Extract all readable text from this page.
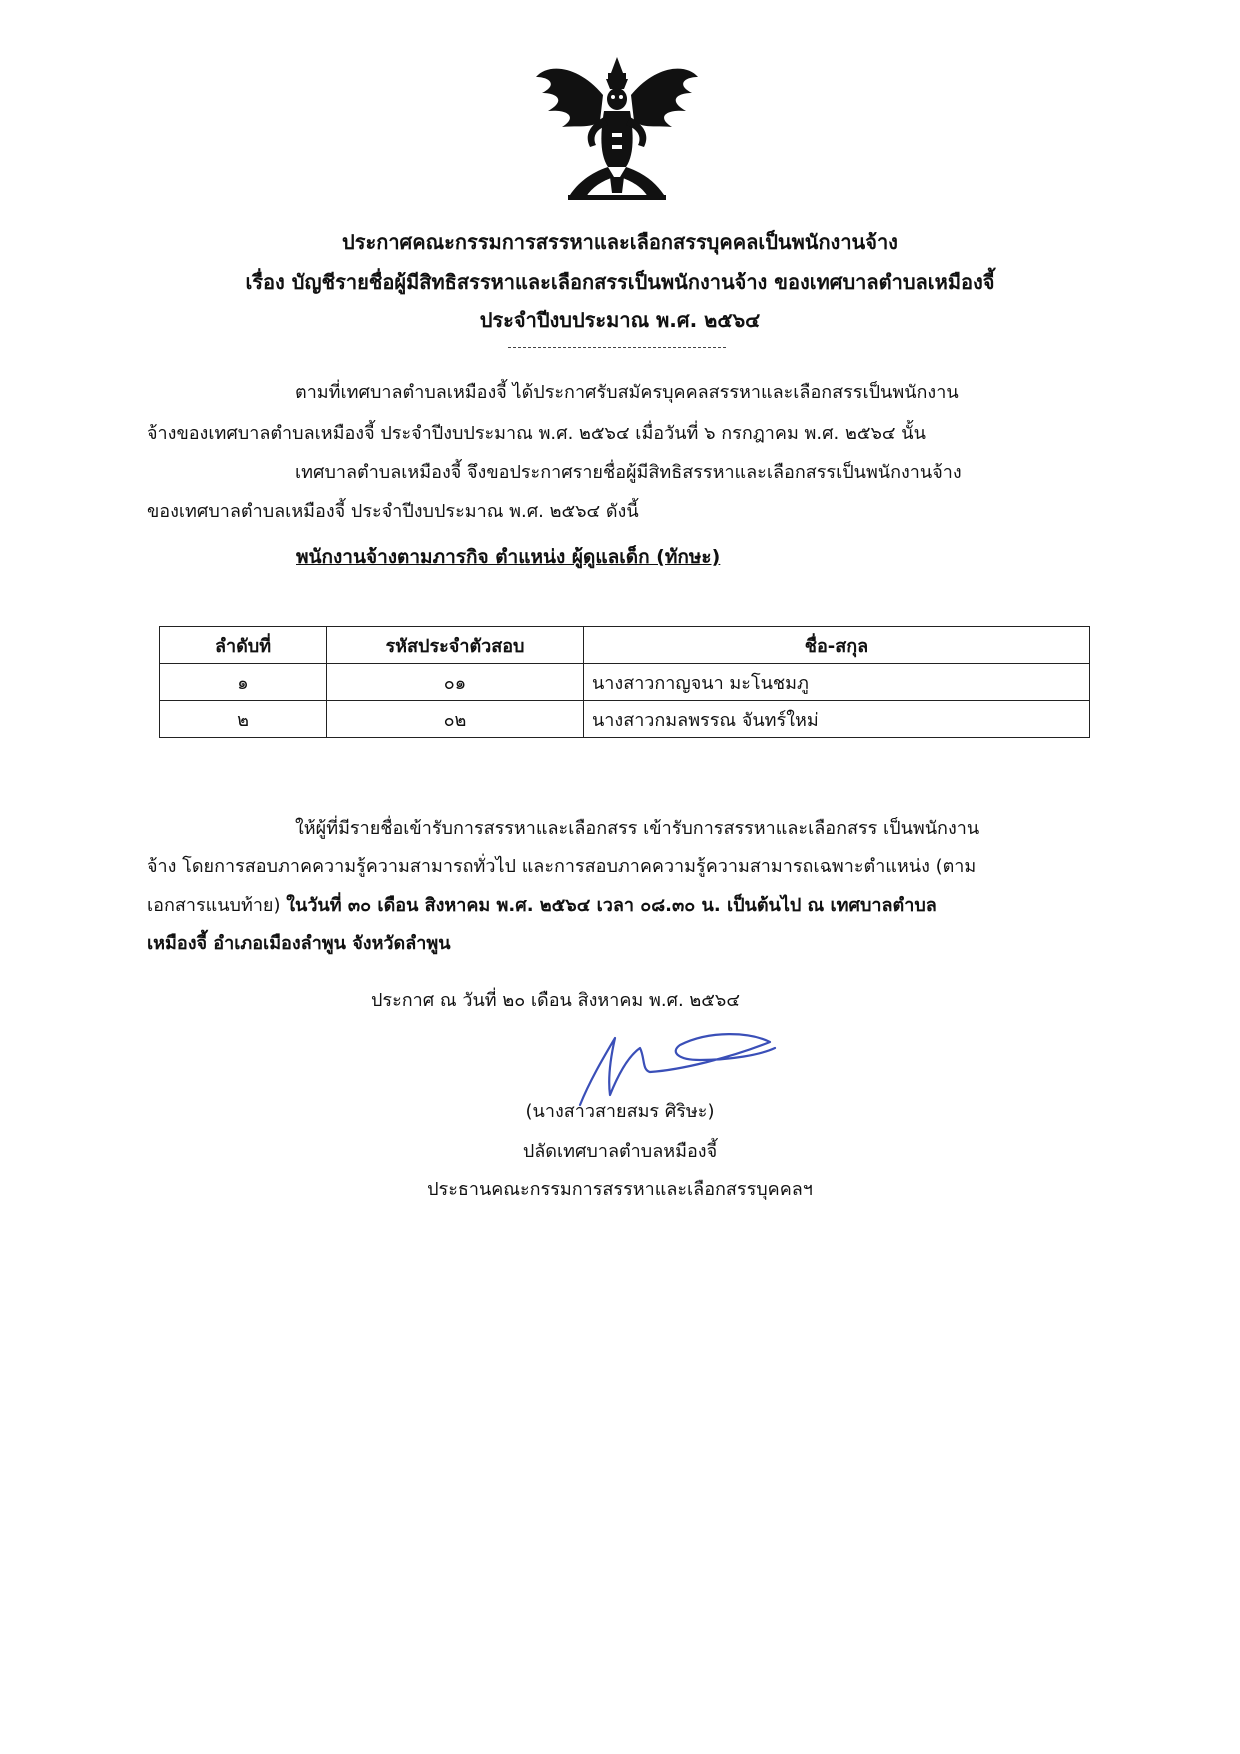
ประกาศคณะกรรมการสรรหาและเลือกสรรบุคคลเป็นพนักงานจ้าง
เรื่อง บัญชีรายชื่อผู้มีสิทธิสรรหาและเลือกสรรเป็นพนักงานจ้าง ของเทศบาลตำบลเหมืองจี้
ประจำปีงบประมาณ พ.ศ. ๒๕๖๔
ตามที่เทศบาลตำบลเหมืองจี้ ได้ประกาศรับสมัครบุคคลสรรหาและเลือกสรรเป็นพนักงาน
จ้างของเทศบาลตำบลเหมืองจี้ ประจำปีงบประมาณ พ.ศ. ๒๕๖๔ เมื่อวันที่ ๖ กรกฎาคม พ.ศ. ๒๕๖๔ นั้น
เทศบาลตำบลเหมืองจี้ จึงขอประกาศรายชื่อผู้มีสิทธิสรรหาและเลือกสรรเป็นพนักงานจ้าง
ของเทศบาลตำบลเหมืองจี้ ประจำปีงบประมาณ พ.ศ. ๒๕๖๔ ดังนี้
พนักงานจ้างตามภารกิจ ตำแหน่ง ผู้ดูแลเด็ก (ทักษะ)
ลำดับที่	รหัสประจำตัวสอบ	ชื่อ-สกุล
๑	๐๑	นางสาวกาญจนา มะโนชมภู
๒	๐๒	นางสาวกมลพรรณ จันทร์ใหม่
ให้ผู้ที่มีรายชื่อเข้ารับการสรรหาและเลือกสรร เข้ารับการสรรหาและเลือกสรร เป็นพนักงาน
จ้าง โดยการสอบภาคความรู้ความสามารถทั่วไป และการสอบภาคความรู้ความสามารถเฉพาะตำแหน่ง (ตาม
เอกสารแนบท้าย) ในวันที่ ๓๐ เดือน สิงหาคม พ.ศ. ๒๕๖๔ เวลา ๐๘.๓๐ น. เป็นต้นไป ณ เทศบาลตำบล
เหมืองจี้ อำเภอเมืองลำพูน จังหวัดลำพูน
ประกาศ ณ วันที่ ๒๐ เดือน สิงหาคม พ.ศ. ๒๕๖๔
(นางสาวสายสมร ศิริษะ)
ปลัดเทศบาลตำบลหมืองจี้
ประธานคณะกรรมการสรรหาและเลือกสรรบุคคลฯ
